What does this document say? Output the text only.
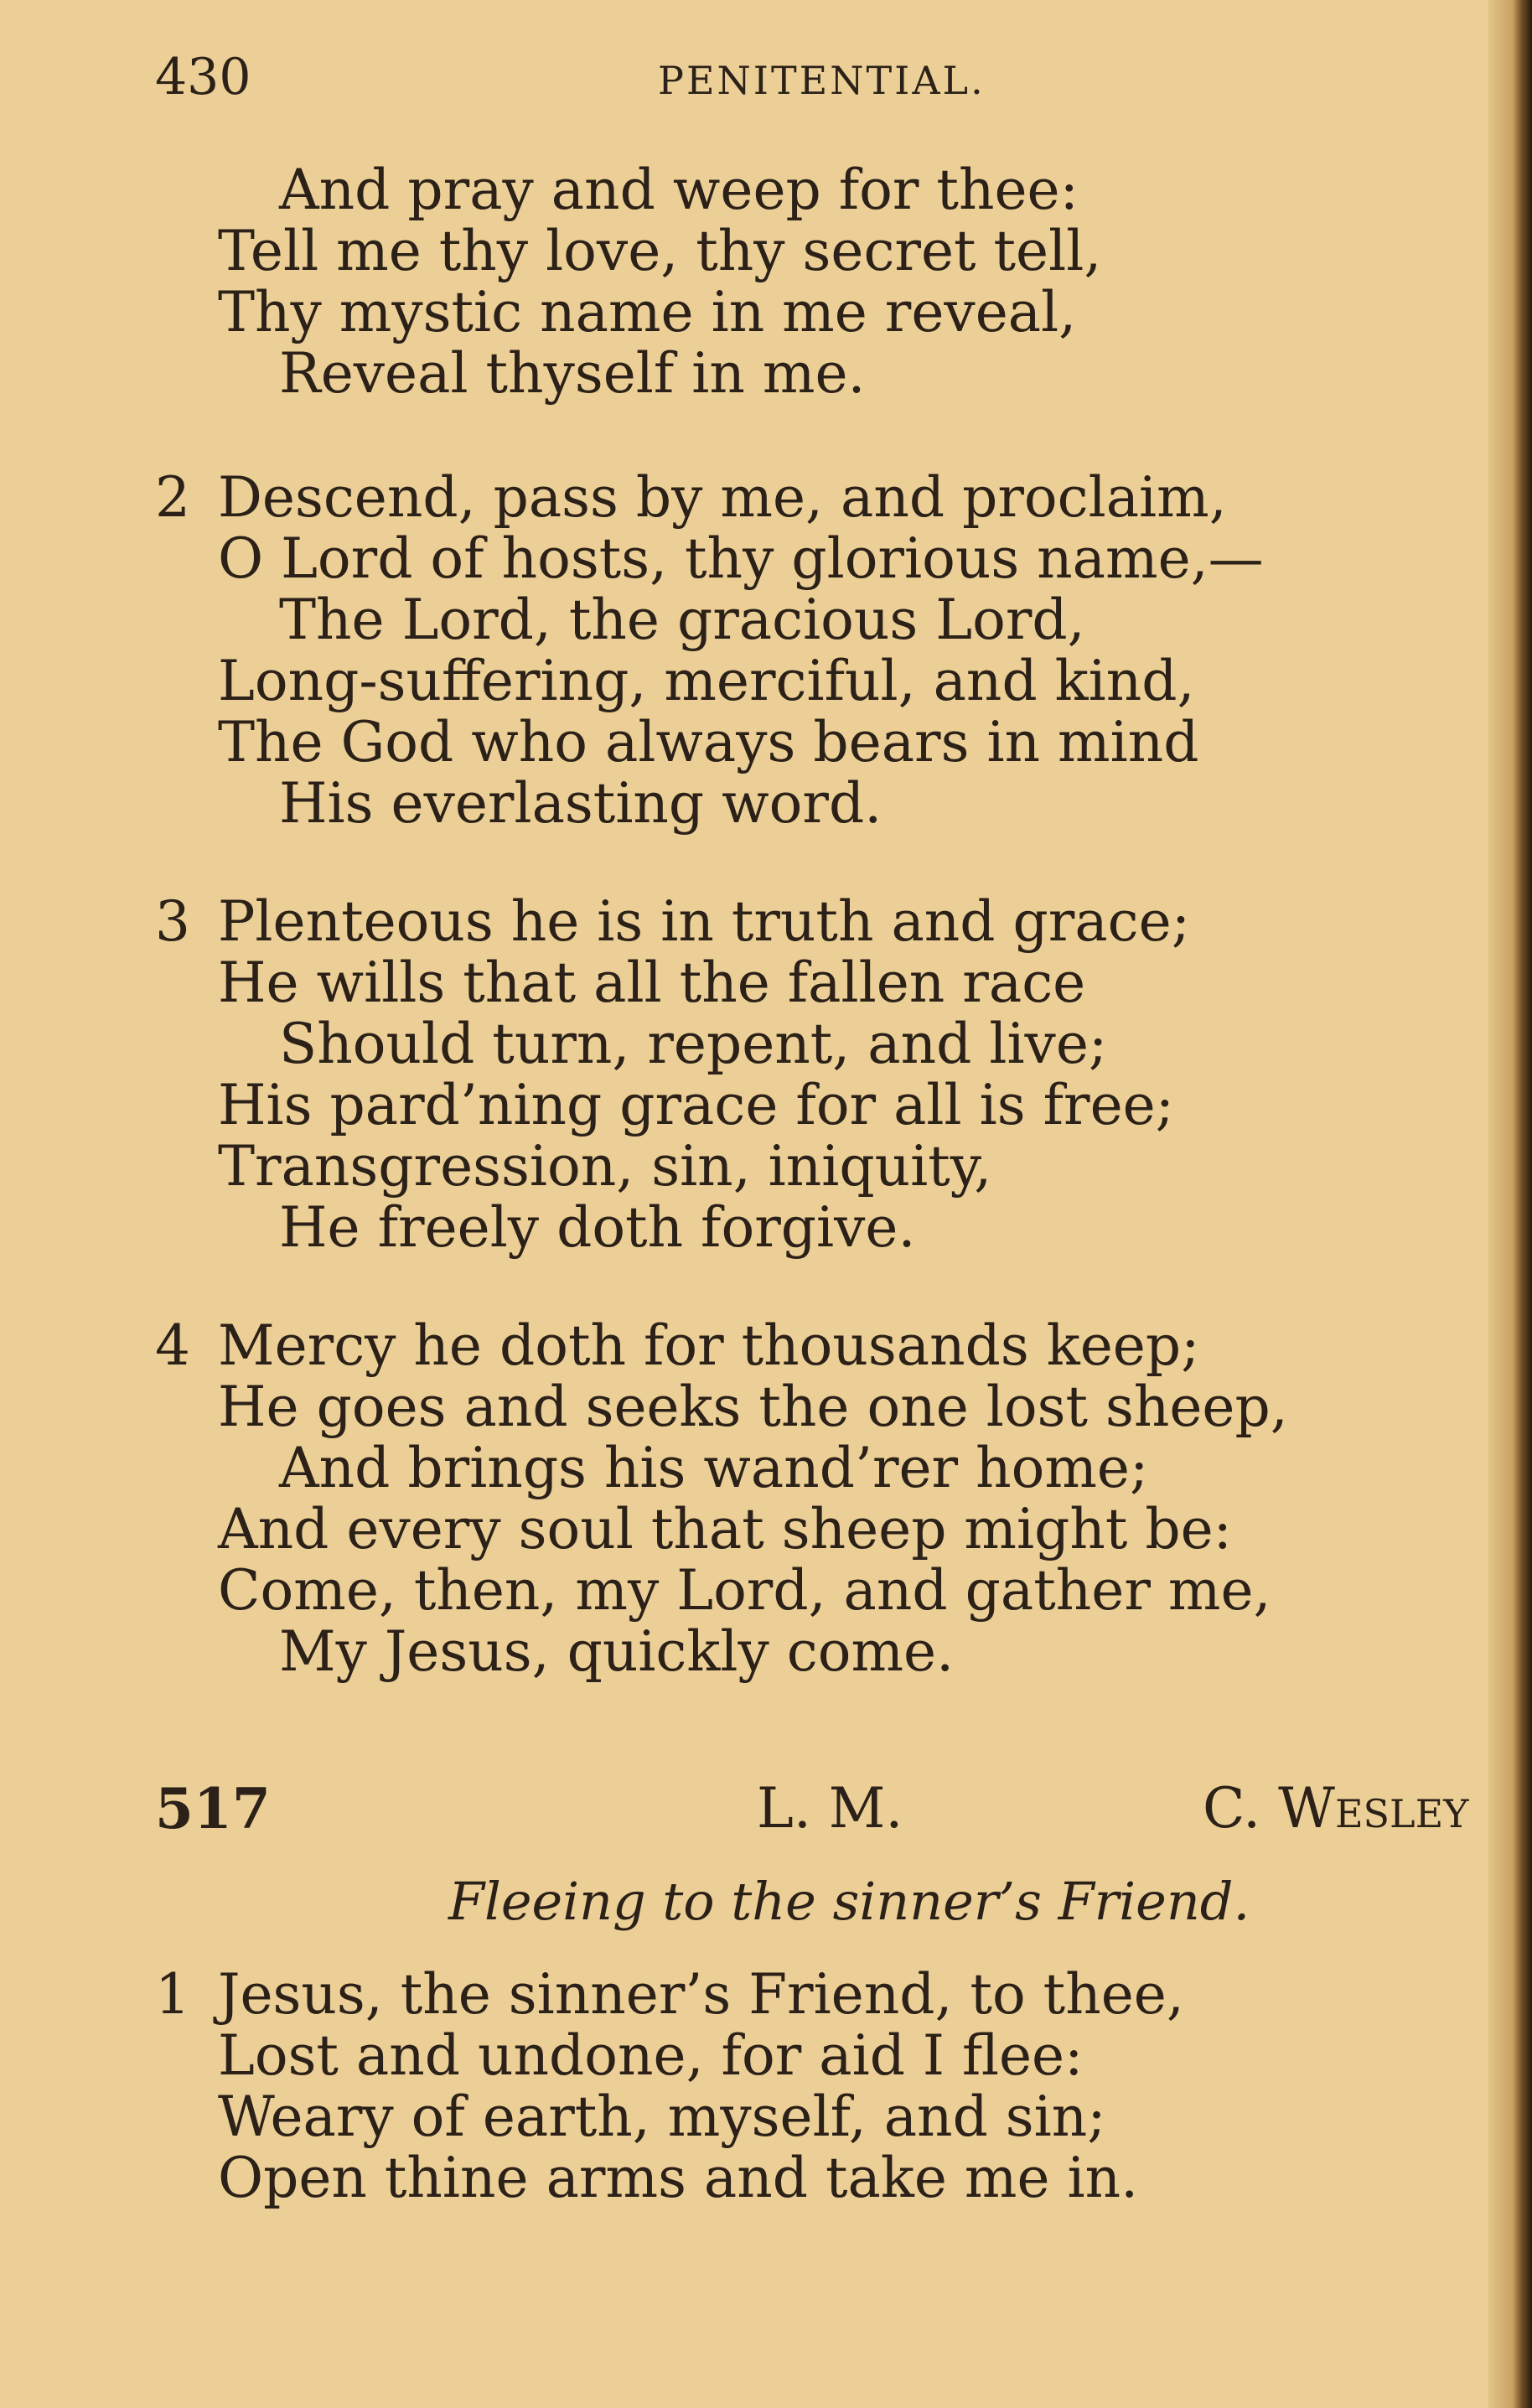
430	PENITENTIAL.
And pray and weep for thee:
Tell me thy love, thy secret tell,
Thy mystic name in me reveal,
Reveal thyself in me.
2 Descend, pass by me, and proclaim,
O Lord of hosts, thy glorious name,—
The Lord, the gracious Lord,
Long-suffering, merciful, and kind,
The God who always bears in mind
His everlasting word.
3 Plenteous he is in truth and grace;
He wills that all the fallen race
Should turn, repent, and live;
His pard’ning grace for all is free;
Transgression, sin, iniquity,
He freely doth forgive.
4 Mercy he doth for thousands keep;
He goes and seeks the one lost sheep,
And brings his wand’rer home;
And every soul that sheep might be:
Come, then, my Lord, and gather me,
My Jesus, quickly come.
517	L. M.	C. Wesley
Fleeing to the sinner’s Friend.
1 Jesus, the sinner’s Friend, to thee,
Lost and undone, for aid I flee:
Weary of earth, myself, and sin;
Open thine arms and take me in.
